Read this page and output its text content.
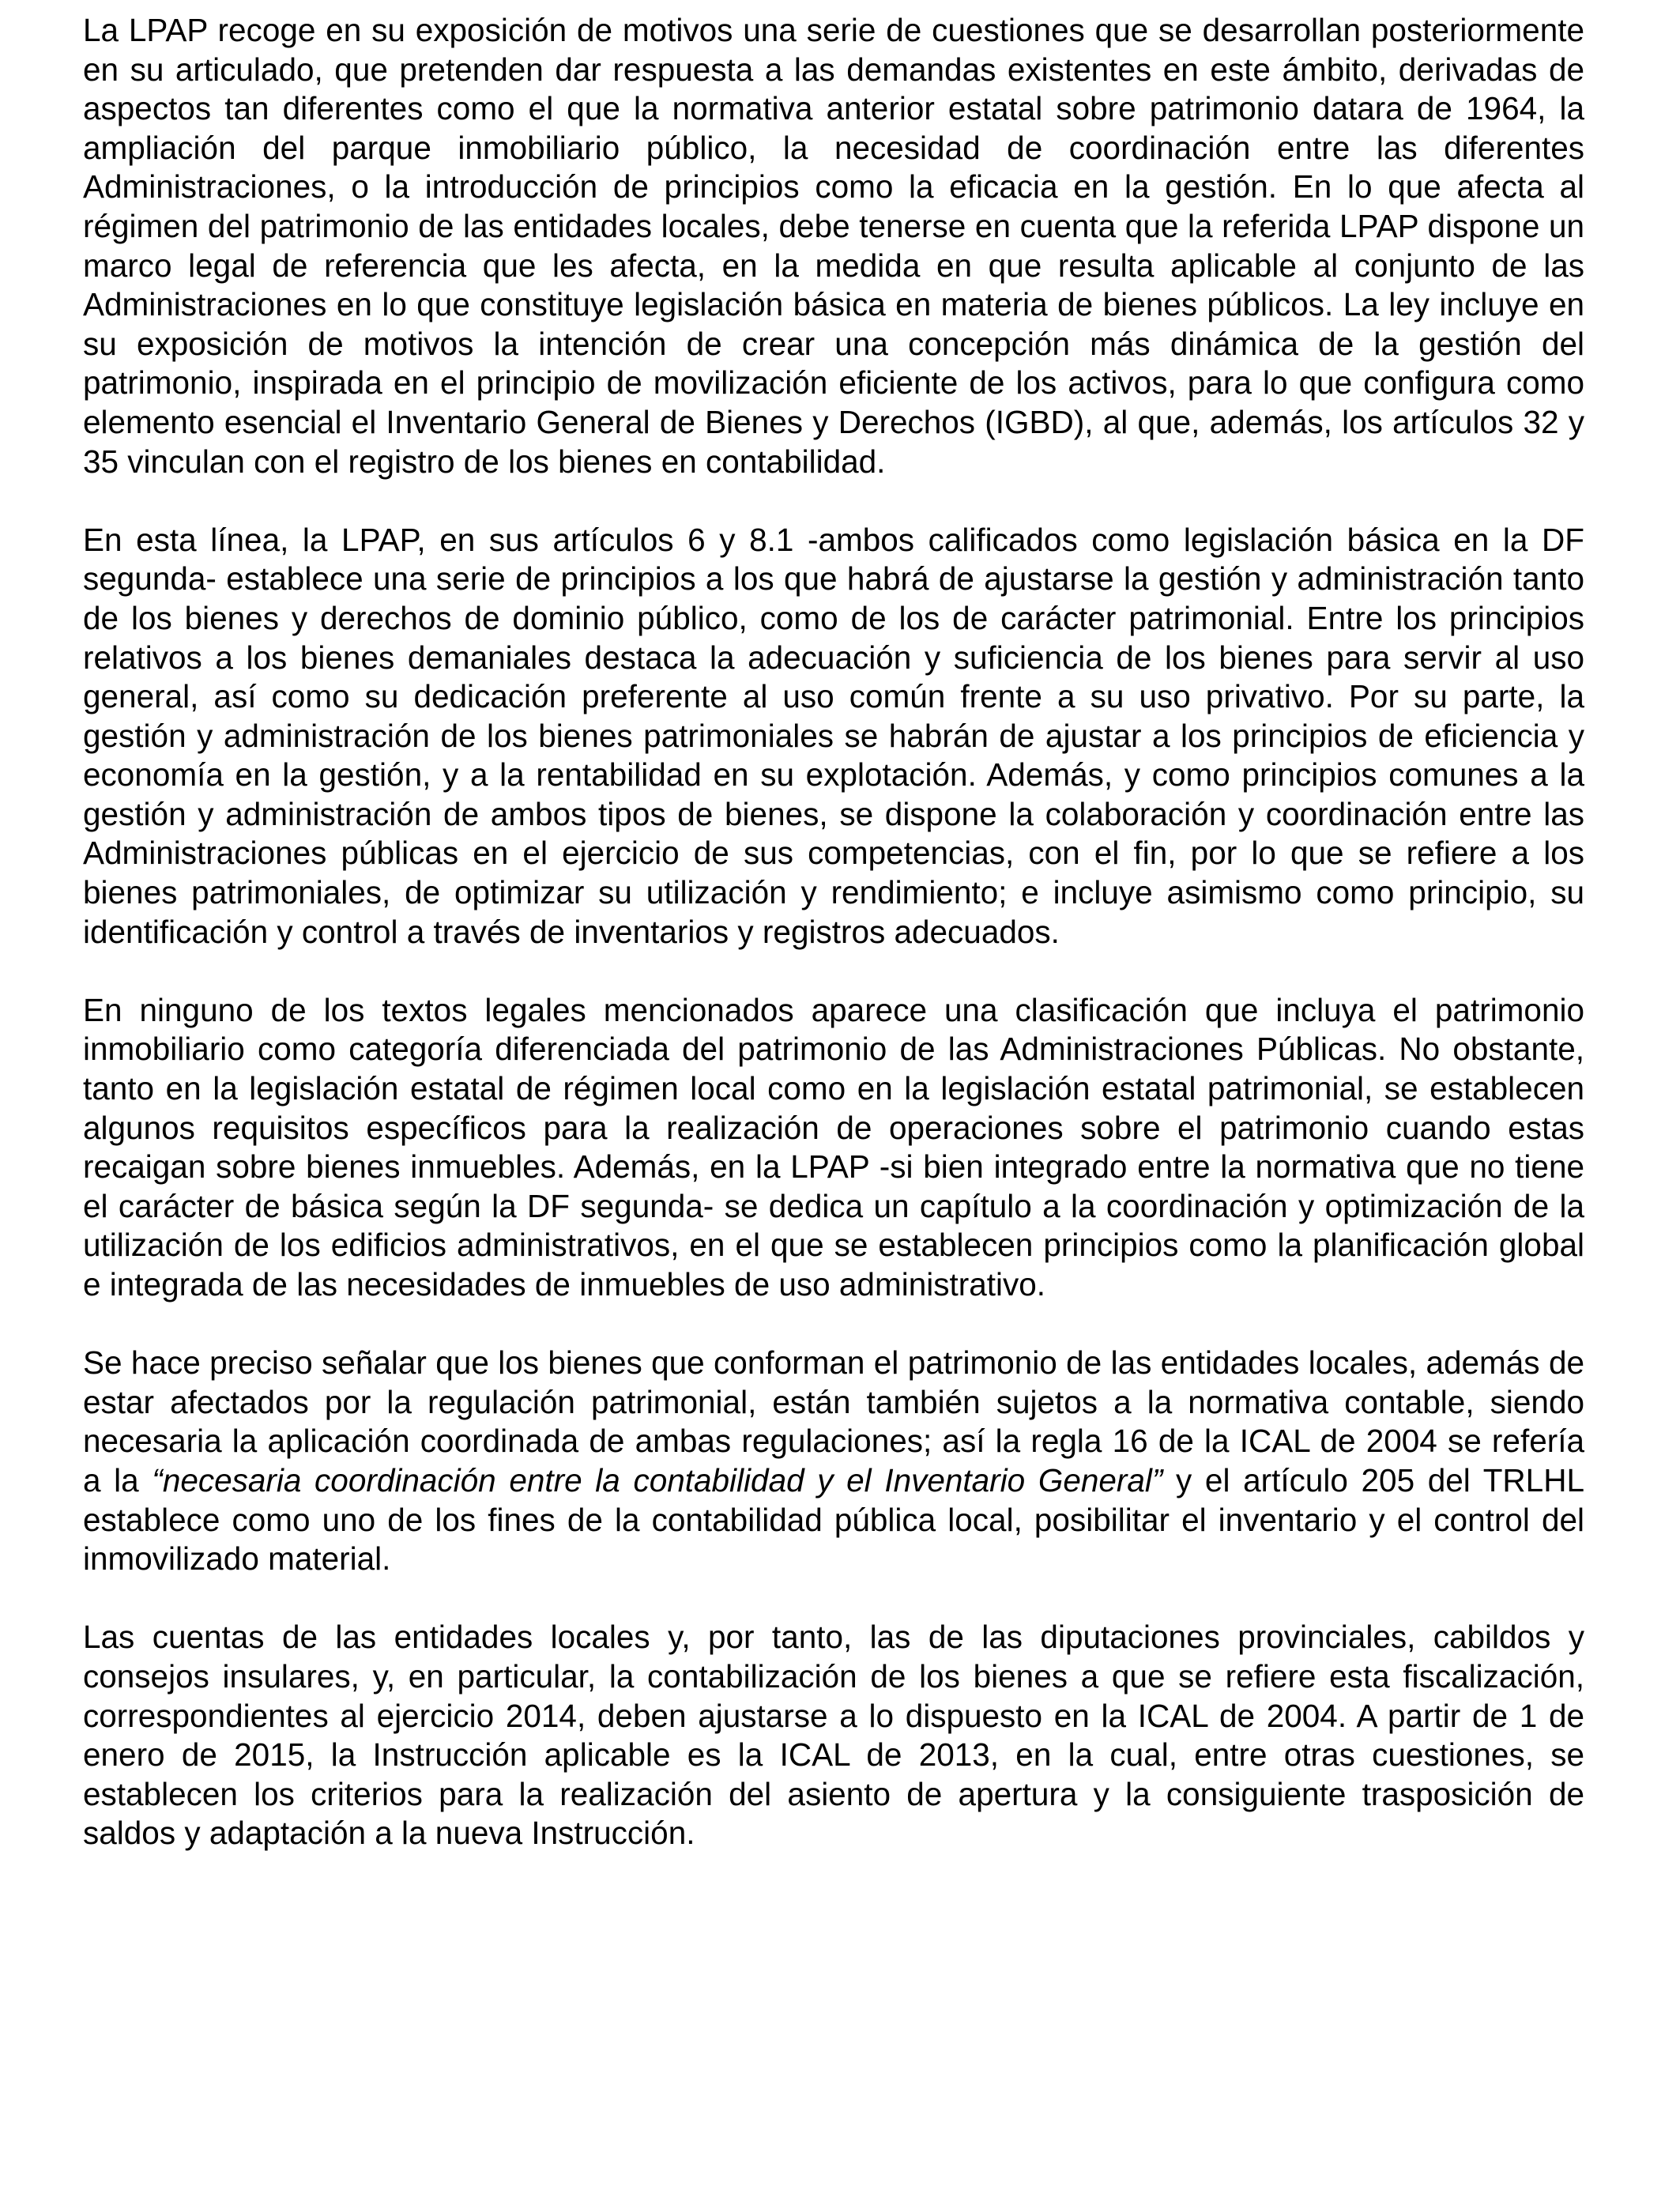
La LPAP recoge en su exposición de motivos una serie de cuestiones que se desarrollan posteriormente en su articulado, que pretenden dar respuesta a las demandas existentes en este ámbito, derivadas de aspectos tan diferentes como el que la normativa anterior estatal sobre patrimonio datara de 1964, la ampliación del parque inmobiliario público, la necesidad de coordinación entre las diferentes Administraciones, o la introducción de principios como la eficacia en la gestión. En lo que afecta al régimen del patrimonio de las entidades locales, debe tenerse en cuenta que la referida LPAP dispone un marco legal de referencia que les afecta, en la medida en que resulta aplicable al conjunto de las Administraciones en lo que constituye legislación básica en materia de bienes públicos. La ley incluye en su exposición de motivos la intención de crear una concepción más dinámica de la gestión del patrimonio, inspirada en el principio de movilización eficiente de los activos, para lo que configura como elemento esencial el Inventario General de Bienes y Derechos (IGBD), al que, además, los artículos 32 y 35 vinculan con el registro de los bienes en contabilidad.

En esta línea, la LPAP, en sus artículos 6 y 8.1 -ambos calificados como legislación básica en la DF segunda- establece una serie de principios a los que habrá de ajustarse la gestión y administración tanto de los bienes y derechos de dominio público, como de los de carácter patrimonial. Entre los principios relativos a los bienes demaniales destaca la adecuación y suficiencia de los bienes para servir al uso general, así como su dedicación preferente al uso común frente a su uso privativo. Por su parte, la gestión y administración de los bienes patrimoniales se habrán de ajustar a los principios de eficiencia y economía en la gestión, y a la rentabilidad en su explotación. Además, y como principios comunes a la gestión y administración de ambos tipos de bienes, se dispone la colaboración y coordinación entre las Administraciones públicas en el ejercicio de sus competencias, con el fin, por lo que se refiere a los bienes patrimoniales, de optimizar su utilización y rendimiento; e incluye asimismo como principio, su identificación y control a través de inventarios y registros adecuados.

En ninguno de los textos legales mencionados aparece una clasificación que incluya el patrimonio inmobiliario como categoría diferenciada del patrimonio de las Administraciones Públicas. No obstante, tanto en la legislación estatal de régimen local como en la legislación estatal patrimonial, se establecen algunos requisitos específicos para la realización de operaciones sobre el patrimonio cuando estas recaigan sobre bienes inmuebles. Además, en la LPAP -si bien integrado entre la normativa que no tiene el carácter de básica según la DF segunda- se dedica un capítulo a la coordinación y optimización de la utilización de los edificios administrativos, en el que se establecen principios como la planificación global e integrada de las necesidades de inmuebles de uso administrativo.

Se hace preciso señalar que los bienes que conforman el patrimonio de las entidades locales, además de estar afectados por la regulación patrimonial, están también sujetos a la normativa contable, siendo necesaria la aplicación coordinada de ambas regulaciones; así la regla 16 de la ICAL de 2004 se refería a la “necesaria coordinación entre la contabilidad y el Inventario General” y el artículo 205 del TRLHL establece como uno de los fines de la contabilidad pública local, posibilitar el inventario y el control del inmovilizado material.

Las cuentas de las entidades locales y, por tanto, las de las diputaciones provinciales, cabildos y consejos insulares, y, en particular, la contabilización de los bienes a que se refiere esta fiscalización, correspondientes al ejercicio 2014, deben ajustarse a lo dispuesto en la ICAL de 2004. A partir de 1 de enero de 2015, la Instrucción aplicable es la ICAL de 2013, en la cual, entre otras cuestiones, se establecen los criterios para la realización del asiento de apertura y la consiguiente trasposición de saldos y adaptación a la nueva Instrucción.
